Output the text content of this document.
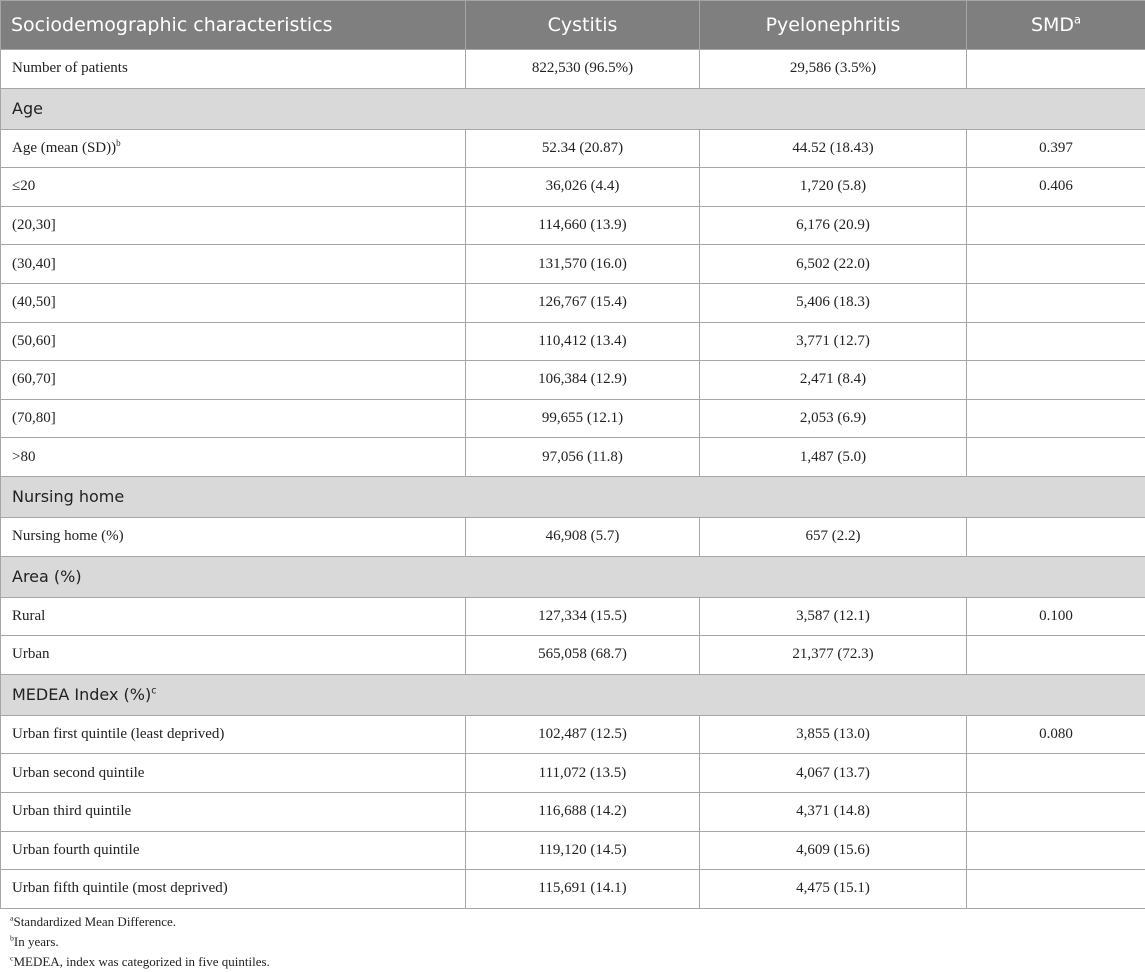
Sociodemographic characteristics	Cystitis	Pyelonephritis	SMD$^a$
Number of patients	822,530 (96.5%)	29,586 (3.5%)	
Age			
Age (mean (SD))$^b$	52.34 (20.87)	44.52 (18.43)	0.397
≤20	36,026 (4.4)	1,720 (5.8)	0.406
(20,30]	114,660 (13.9)	6,176 (20.9)	
(30,40]	131,570 (16.0)	6,502 (22.0)	
(40,50]	126,767 (15.4)	5,406 (18.3)	
(50,60]	110,412 (13.4)	3,771 (12.7)	
(60,70]	106,384 (12.9)	2,471 (8.4)	
(70,80]	99,655 (12.1)	2,053 (6.9)	
>80	97,056 (11.8)	1,487 (5.0)	
Nursing home			
Nursing home (%)	46,908 (5.7)	657 (2.2)	
Area (%)			
Rural	127,334 (15.5)	3,587 (12.1)	0.100
Urban	565,058 (68.7)	21,377 (72.3)	
MEDEA Index (%)$^c$
Urban first quintile (least deprived)	102,487 (12.5)	3,855 (13.0)	0.080
Urban second quintile	111,072 (13.5)	4,067 (13.7)	
Urban third quintile	116,688 (14.2)	4,371 (14.8)	
Urban fourth quintile	119,120 (14.5)	4,609 (15.6)	
Urban fifth quintile (most deprived)	115,691 (14.1)	4,475 (15.1)	
$^a$Standardized Mean Difference.
$^b$In years.
$^c$MEDEA, index was categorized in five quintiles.
